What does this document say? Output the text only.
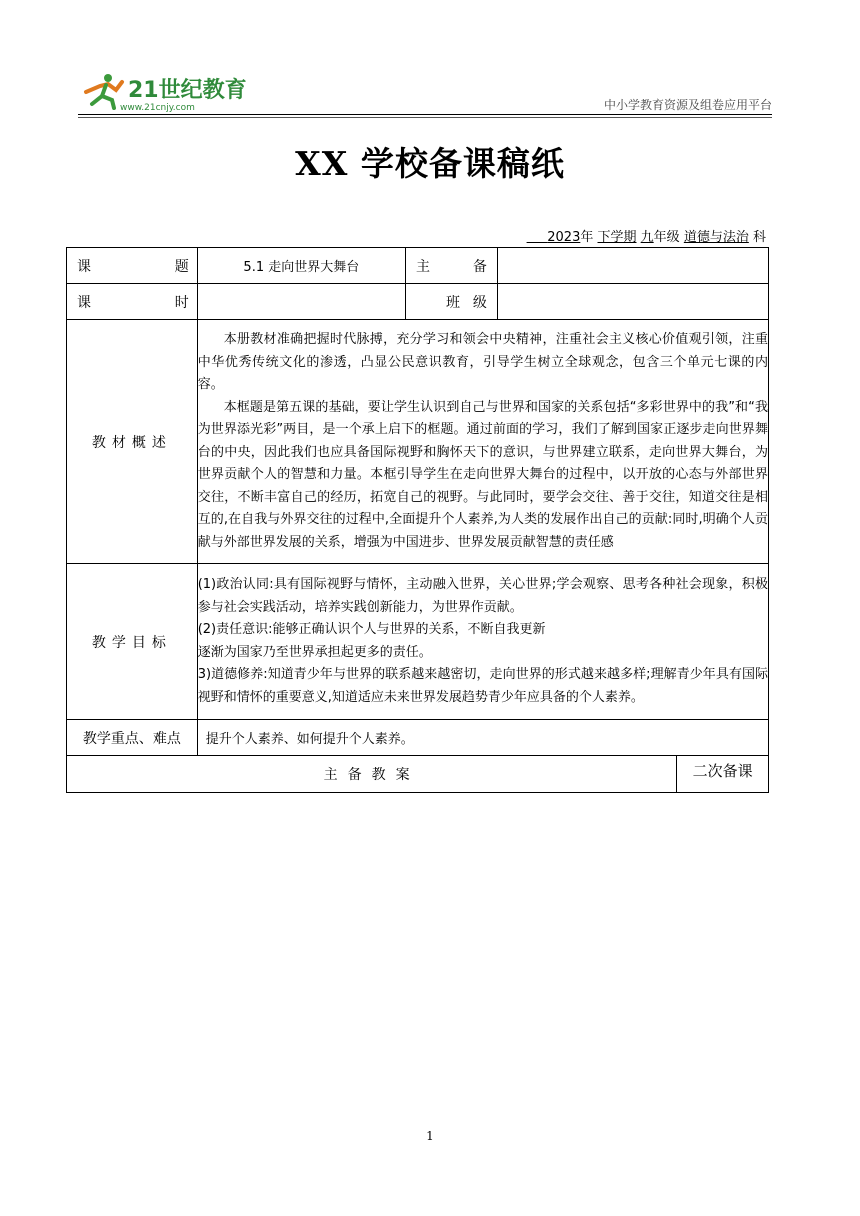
21世纪教育
www.21cnjy.com	中小学教育资源及组卷应用平台
XX 学校备课稿纸
2023年 下学期 九年级 道德与法治 科
课 题	5.1 走向世界大舞台	主 备		

课 时		班 级		

教材概述	本册教材准确把握时代脉搏，充分学习和领会中央精神，注重社会主义核心价值观引领，注重中华优秀传统文化的渗透，凸显公民意识教育，引导学生树立全球观念，包含三个单元七课的内容。

本框题是第五课的基础，要让学生认识到自己与世界和国家的关系包括“多彩世界中的我”和“我为世界添光彩”两目，是一个承上启下的框题。通过前面的学习，我们了解到国家正逐步走向世界舞台的中央，因此我们也应具备国际视野和胸怀天下的意识，与世界建立联系，走向世界大舞台，为世界贡献个人的智慧和力量。本框引导学生在走向世界大舞台的过程中，以开放的心态与外部世界交往，不断丰富自己的经历，拓宽自己的视野。与此同时，要学会交往、善于交往，知道交往是相互的,在自我与外界交往的过程中,全面提升个人素养,为人类的发展作出自己的贡献:同时,明确个人贡献与外部世界发展的关系，增强为中国进步、世界发展贡献智慧的责任感			

教学目标	(1)政治认同:具有国际视野与情怀，主动融入世界，关心世界;学会观察、思考各种社会现象，积极参与社会实践活动，培养实践创新能力，为世界作贡献。

(2)责任意识:能够正确认识个人与世界的关系，不断自我更新

逐渐为国家乃至世界承担起更多的责任。

3)道德修养:知道青少年与世界的联系越来越密切，走向世界的形式越来越多样;理解青少年具有国际视野和情怀的重要意义,知道适应未来世界发展趋势青少年应具备的个人素养。			

教学重点、难点	提升个人素养、如何提升个人素养。			

主备教案				二次备课
1
